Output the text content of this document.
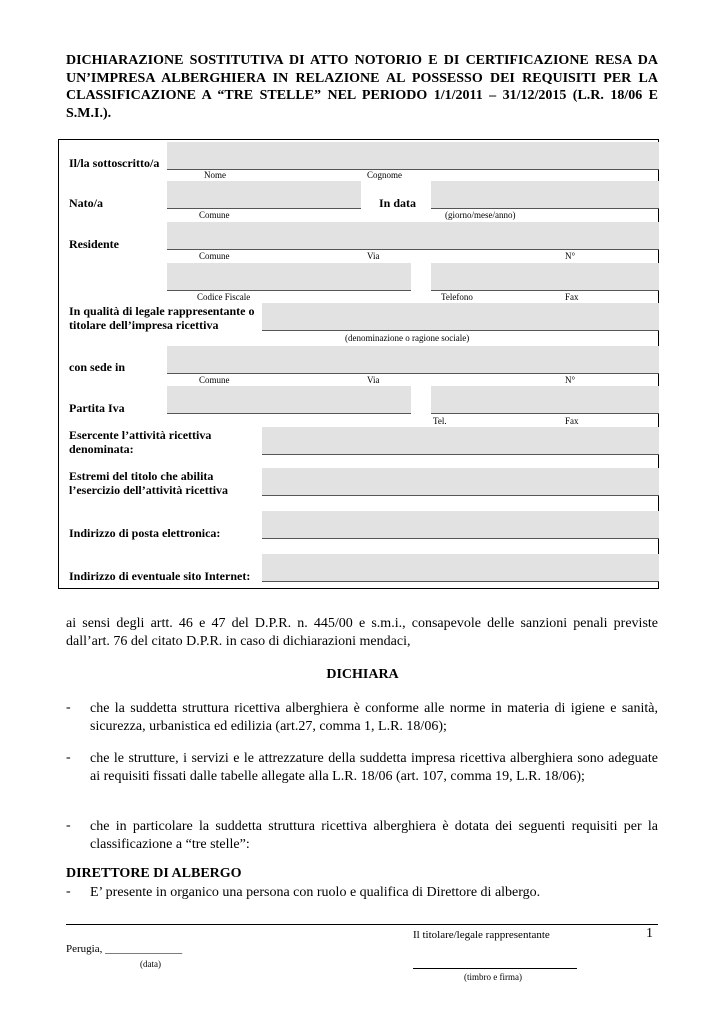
DICHIARAZIONE SOSTITUTIVA DI ATTO NOTORIO E DI CERTIFICAZIONE RESA DA UN’IMPRESA ALBERGHIERA IN RELAZIONE AL POSSESSO DEI REQUISITI PER LA CLASSIFICAZIONE A “TRE STELLE” NEL PERIODO 1/1/2011 – 31/12/2015 (L.R. 18/06 E S.M.I.).
Il/la sottoscritto/a
Nome	Cognome
Nato/a	In data
Comune	(giorno/mese/anno)
Residente
Comune	Via	N°
Codice Fiscale	Telefono	Fax
In qualità di legale rappresentante o titolare dell’impresa ricettiva
(denominazione o ragione sociale)
con sede in
Comune	Via	N°
Partita Iva
Tel.	Fax
Esercente l’attività ricettiva denominata:
Estremi del titolo che abilita l’esercizio dell’attività ricettiva
Indirizzo di posta elettronica:
Indirizzo di eventuale sito Internet:
ai sensi degli artt. 46 e 47 del D.P.R. n. 445/00 e s.m.i., consapevole delle sanzioni penali previste dall’art. 76 del citato D.P.R. in caso di dichiarazioni mendaci,
DICHIARA
- che la suddetta struttura ricettiva alberghiera è conforme alle norme in materia di igiene e sanità, sicurezza, urbanistica ed edilizia (art.27, comma 1, L.R. 18/06);
- che le strutture, i servizi e le attrezzature della suddetta impresa ricettiva alberghiera sono adeguate ai requisiti fissati dalle tabelle allegate alla L.R. 18/06 (art. 107, comma 19, L.R. 18/06);
- che in particolare la suddetta struttura ricettiva alberghiera è dotata dei seguenti requisiti per la classificazione a “tre stelle”:
DIRETTORE DI ALBERGO
- E’ presente in organico una persona con ruolo e qualifica di Direttore di albergo.
Il titolare/legale rappresentante	1
Perugia, ______________
(data)
(timbro e firma)
